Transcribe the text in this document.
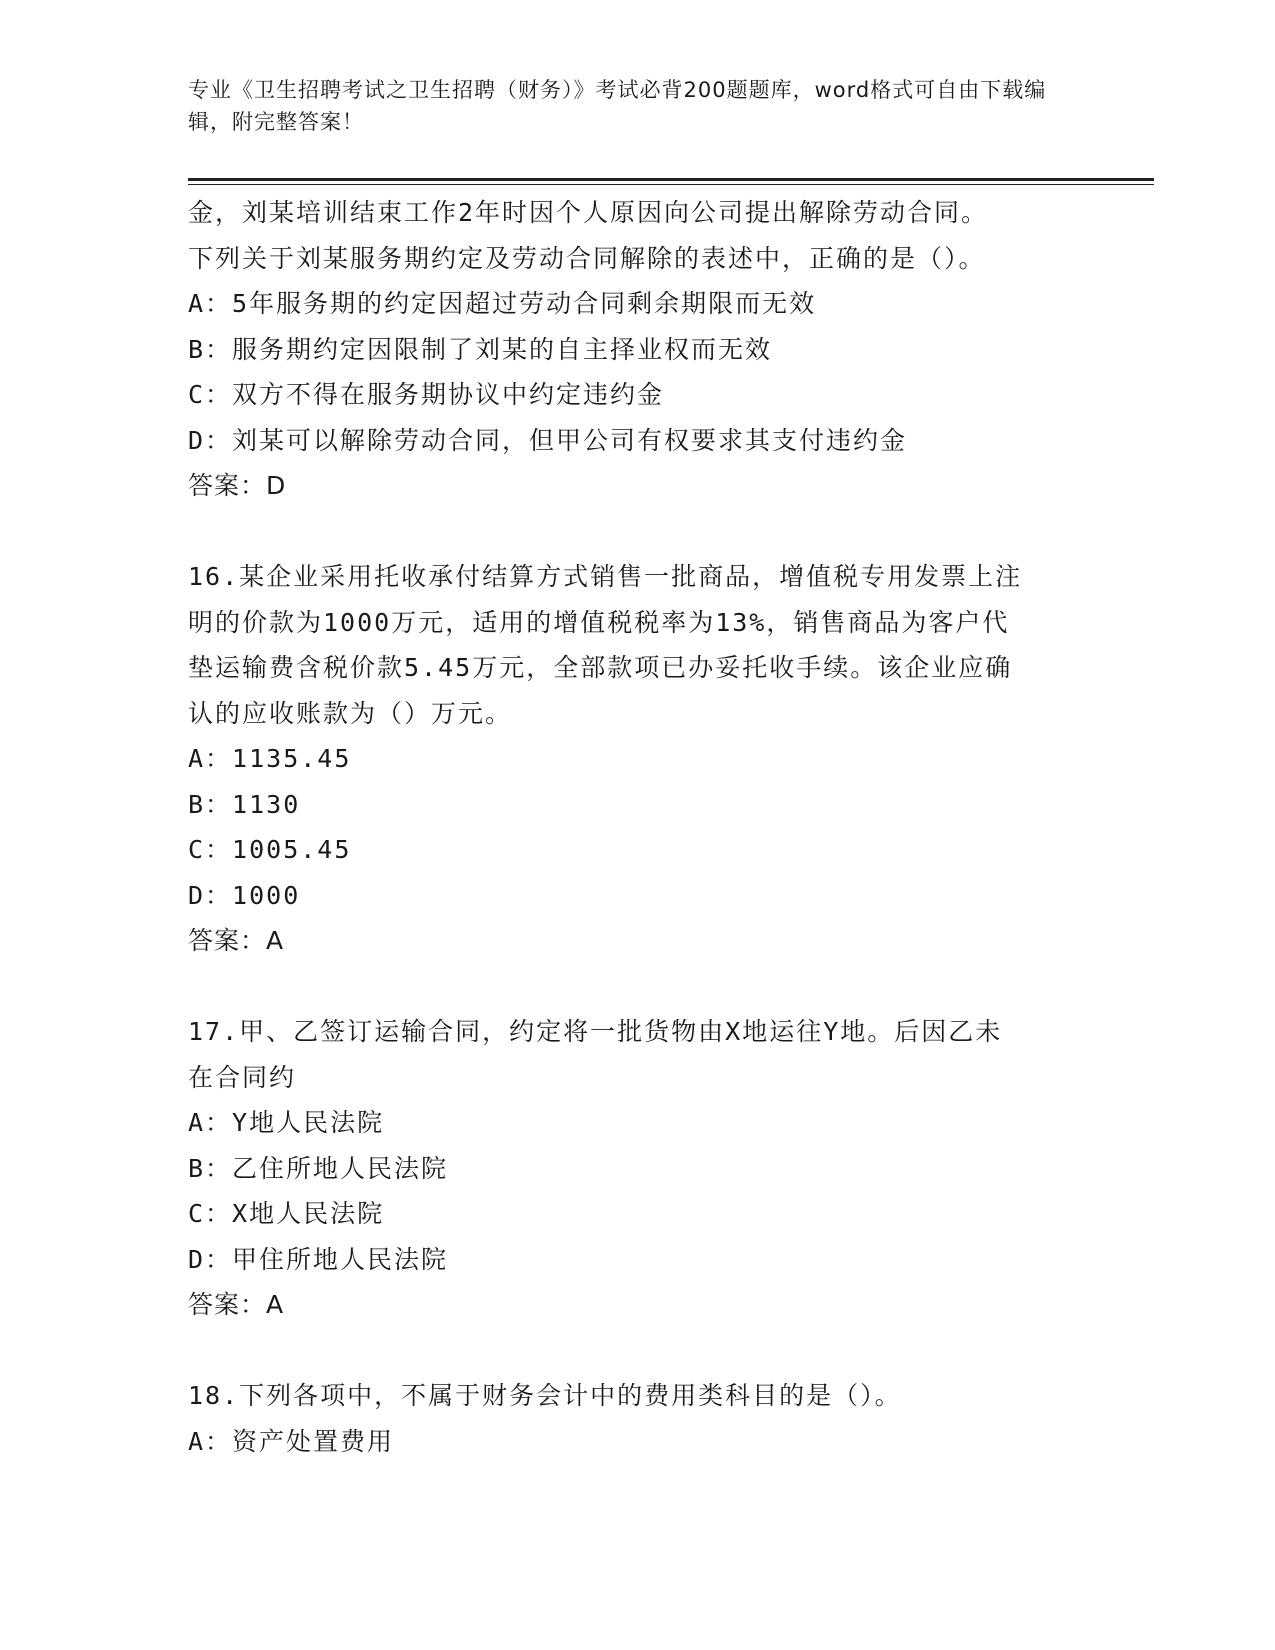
专业《卫生招聘考试之卫生招聘（财务）》考试必背200题题库，word格式可自由下载编辑，附完整答案！
金，刘某培训结束工作2年时因个人原因向公司提出解除劳动合同。
下列关于刘某服务期约定及劳动合同解除的表述中，正确的是（）。
A：5年服务期的约定因超过劳动合同剩余期限而无效
B：服务期约定因限制了刘某的自主择业权而无效
C：双方不得在服务期协议中约定违约金
D：刘某可以解除劳动合同，但甲公司有权要求其支付违约金
答案：D
16.某企业采用托收承付结算方式销售一批商品，增值税专用发票上注
明的价款为1000万元，适用的增值税税率为13%，销售商品为客户代
垫运输费含税价款5.45万元，全部款项已办妥托收手续。该企业应确
认的应收账款为（）万元。
A：1135.45
B：1130
C：1005.45
D：1000
答案：A
17.甲、乙签订运输合同，约定将一批货物由X地运往Y地。后因乙未
在合同约
A：Y地人民法院
B：乙住所地人民法院
C：X地人民法院
D：甲住所地人民法院
答案：A
18.下列各项中，不属于财务会计中的费用类科目的是（）。
A：资产处置费用
